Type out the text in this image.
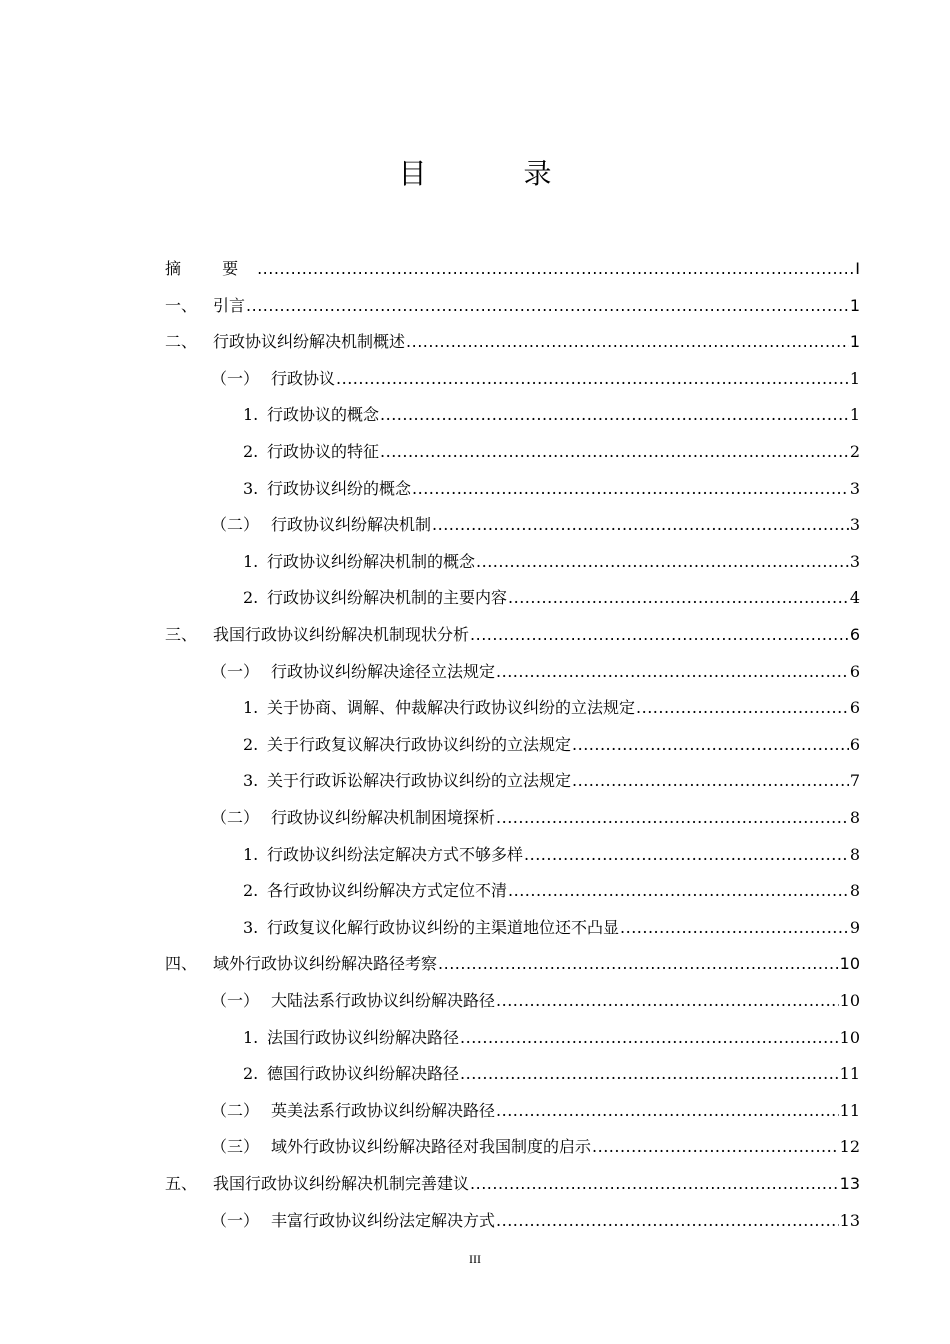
目 录
摘 要 .....	I
一、 引言 .....	1
二、 行政协议纠纷解决机制概述 .....	1
（一） 行政协议 .....	1
1. 行政协议的概念 .....	1
2. 行政协议的特征 .....	2
3. 行政协议纠纷的概念 .....	3
（二） 行政协议纠纷解决机制 .....	3
1. 行政协议纠纷解决机制的概念 .....	3
2. 行政协议纠纷解决机制的主要内容 .....	4
三、 我国行政协议纠纷解决机制现状分析 .....	6
（一） 行政协议纠纷解决途径立法规定 .....	6
1. 关于协商、调解、仲裁解决行政协议纠纷的立法规定 .....	6
2. 关于行政复议解决行政协议纠纷的立法规定 .....	6
3. 关于行政诉讼解决行政协议纠纷的立法规定 .....	7
（二） 行政协议纠纷解决机制困境探析 .....	8
1. 行政协议纠纷法定解决方式不够多样 .....	8
2. 各行政协议纠纷解决方式定位不清 .....	8
3. 行政复议化解行政协议纠纷的主渠道地位还不凸显 .....	9
四、 域外行政协议纠纷解决路径考察 .....	10
（一） 大陆法系行政协议纠纷解决路径 .....	10
1. 法国行政协议纠纷解决路径 .....	10
2. 德国行政协议纠纷解决路径 .....	11
（二） 英美法系行政协议纠纷解决路径 .....	11
（三） 域外行政协议纠纷解决路径对我国制度的启示 .....	12
五、 我国行政协议纠纷解决机制完善建议 .....	13
（一） 丰富行政协议纠纷法定解决方式 .....	13
III
